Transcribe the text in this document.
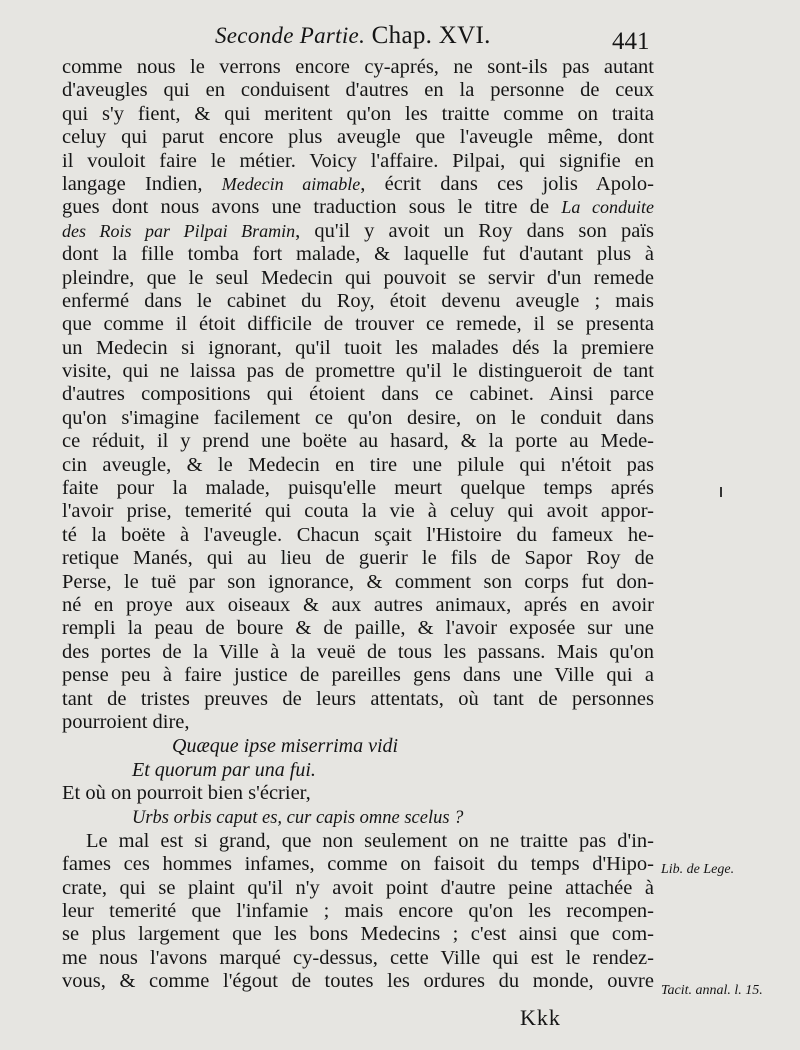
Seconde Partie. Chap. XVI.	441
comme nous le verrons encore cy-aprés, ne sont-ils pas autant
d'aveugles qui en conduisent d'autres en la personne de ceux
qui s'y fient, & qui meritent qu'on les traitte comme on traita
celuy qui parut encore plus aveugle que l'aveugle même, dont
il vouloit faire le métier. Voicy l'affaire. Pilpai, qui signifie en
langage Indien, Medecin aimable, écrit dans ces jolis Apolo-
gues dont nous avons une traduction sous le titre de La conduite
des Rois par Pilpai Bramin, qu'il y avoit un Roy dans son païs
dont la fille tomba fort malade, & laquelle fut d'autant plus à
pleindre, que le seul Medecin qui pouvoit se servir d'un remede
enfermé dans le cabinet du Roy, étoit devenu aveugle ; mais
que comme il étoit difficile de trouver ce remede, il se presenta
un Medecin si ignorant, qu'il tuoit les malades dés la premiere
visite, qui ne laissa pas de promettre qu'il le distingueroit de tant
d'autres compositions qui étoient dans ce cabinet. Ainsi parce
qu'on s'imagine facilement ce qu'on desire, on le conduit dans
ce réduit, il y prend une boëte au hasard, & la porte au Mede-
cin aveugle, & le Medecin en tire une pilule qui n'étoit pas
faite pour la malade, puisqu'elle meurt quelque temps aprés
l'avoir prise, temerité qui couta la vie à celuy qui avoit appor-
té la boëte à l'aveugle. Chacun sçait l'Histoire du fameux he-
retique Manés, qui au lieu de guerir le fils de Sapor Roy de
Perse, le tuë par son ignorance, & comment son corps fut don-
né en proye aux oiseaux & aux autres animaux, aprés en avoir
rempli la peau de boure & de paille, & l'avoir exposée sur une
des portes de la Ville à la veuë de tous les passans. Mais qu'on
pense peu à faire justice de pareilles gens dans une Ville qui a
tant de tristes preuves de leurs attentats, où tant de personnes
pourroient dire,
Quæque ipse miserrima vidi
Et quorum par una fui.
Et où on pourroit bien s'écrier,
Urbs orbis caput es, cur capis omne scelus ?
Le mal est si grand, que non seulement on ne traitte pas d'in-
fames ces hommes infames, comme on faisoit du temps d'Hipo-
crate, qui se plaint qu'il n'y avoit point d'autre peine attachée à
leur temerité que l'infamie ; mais encore qu'on les recompen-
se plus largement que les bons Medecins ; c'est ainsi que com-
me nous l'avons marqué cy-dessus, cette Ville qui est le rendez-
vous, & comme l'égout de toutes les ordures du monde, ouvre
Lib. de Lege.
Tacit. annal. l. 15.
Kkk
